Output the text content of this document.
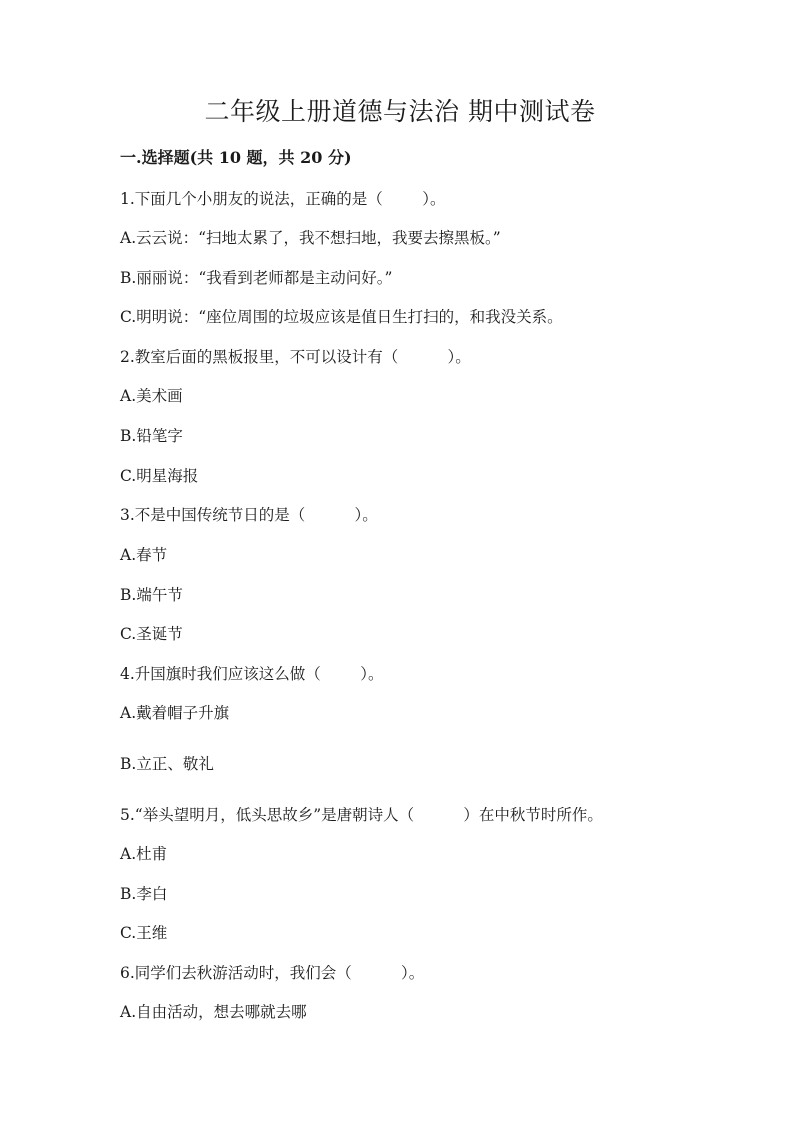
二年级上册道德与法治 期中测试卷
一.选择题(共 10 题，共 20 分)
1.下面几个小朋友的说法，正确的是（        ）。
A.云云说：“扫地太累了，我不想扫地，我要去擦黑板。”
B.丽丽说：“我看到老师都是主动问好。”
C.明明说：“座位周围的垃圾应该是值日生打扫的，和我没关系。
2.教室后面的黑板报里，不可以设计有（          ）。
A.美术画
B.铅笔字
C.明星海报
3.不是中国传统节日的是（          ）。
A.春节
B.端午节
C.圣诞节
4.升国旗时我们应该这么做（        ）。
A.戴着帽子升旗
B.立正、敬礼
5.“举头望明月，低头思故乡”是唐朝诗人（          ）在中秋节时所作。
A.杜甫
B.李白
C.王维
6.同学们去秋游活动时，我们会（          ）。
A.自由活动，想去哪就去哪
